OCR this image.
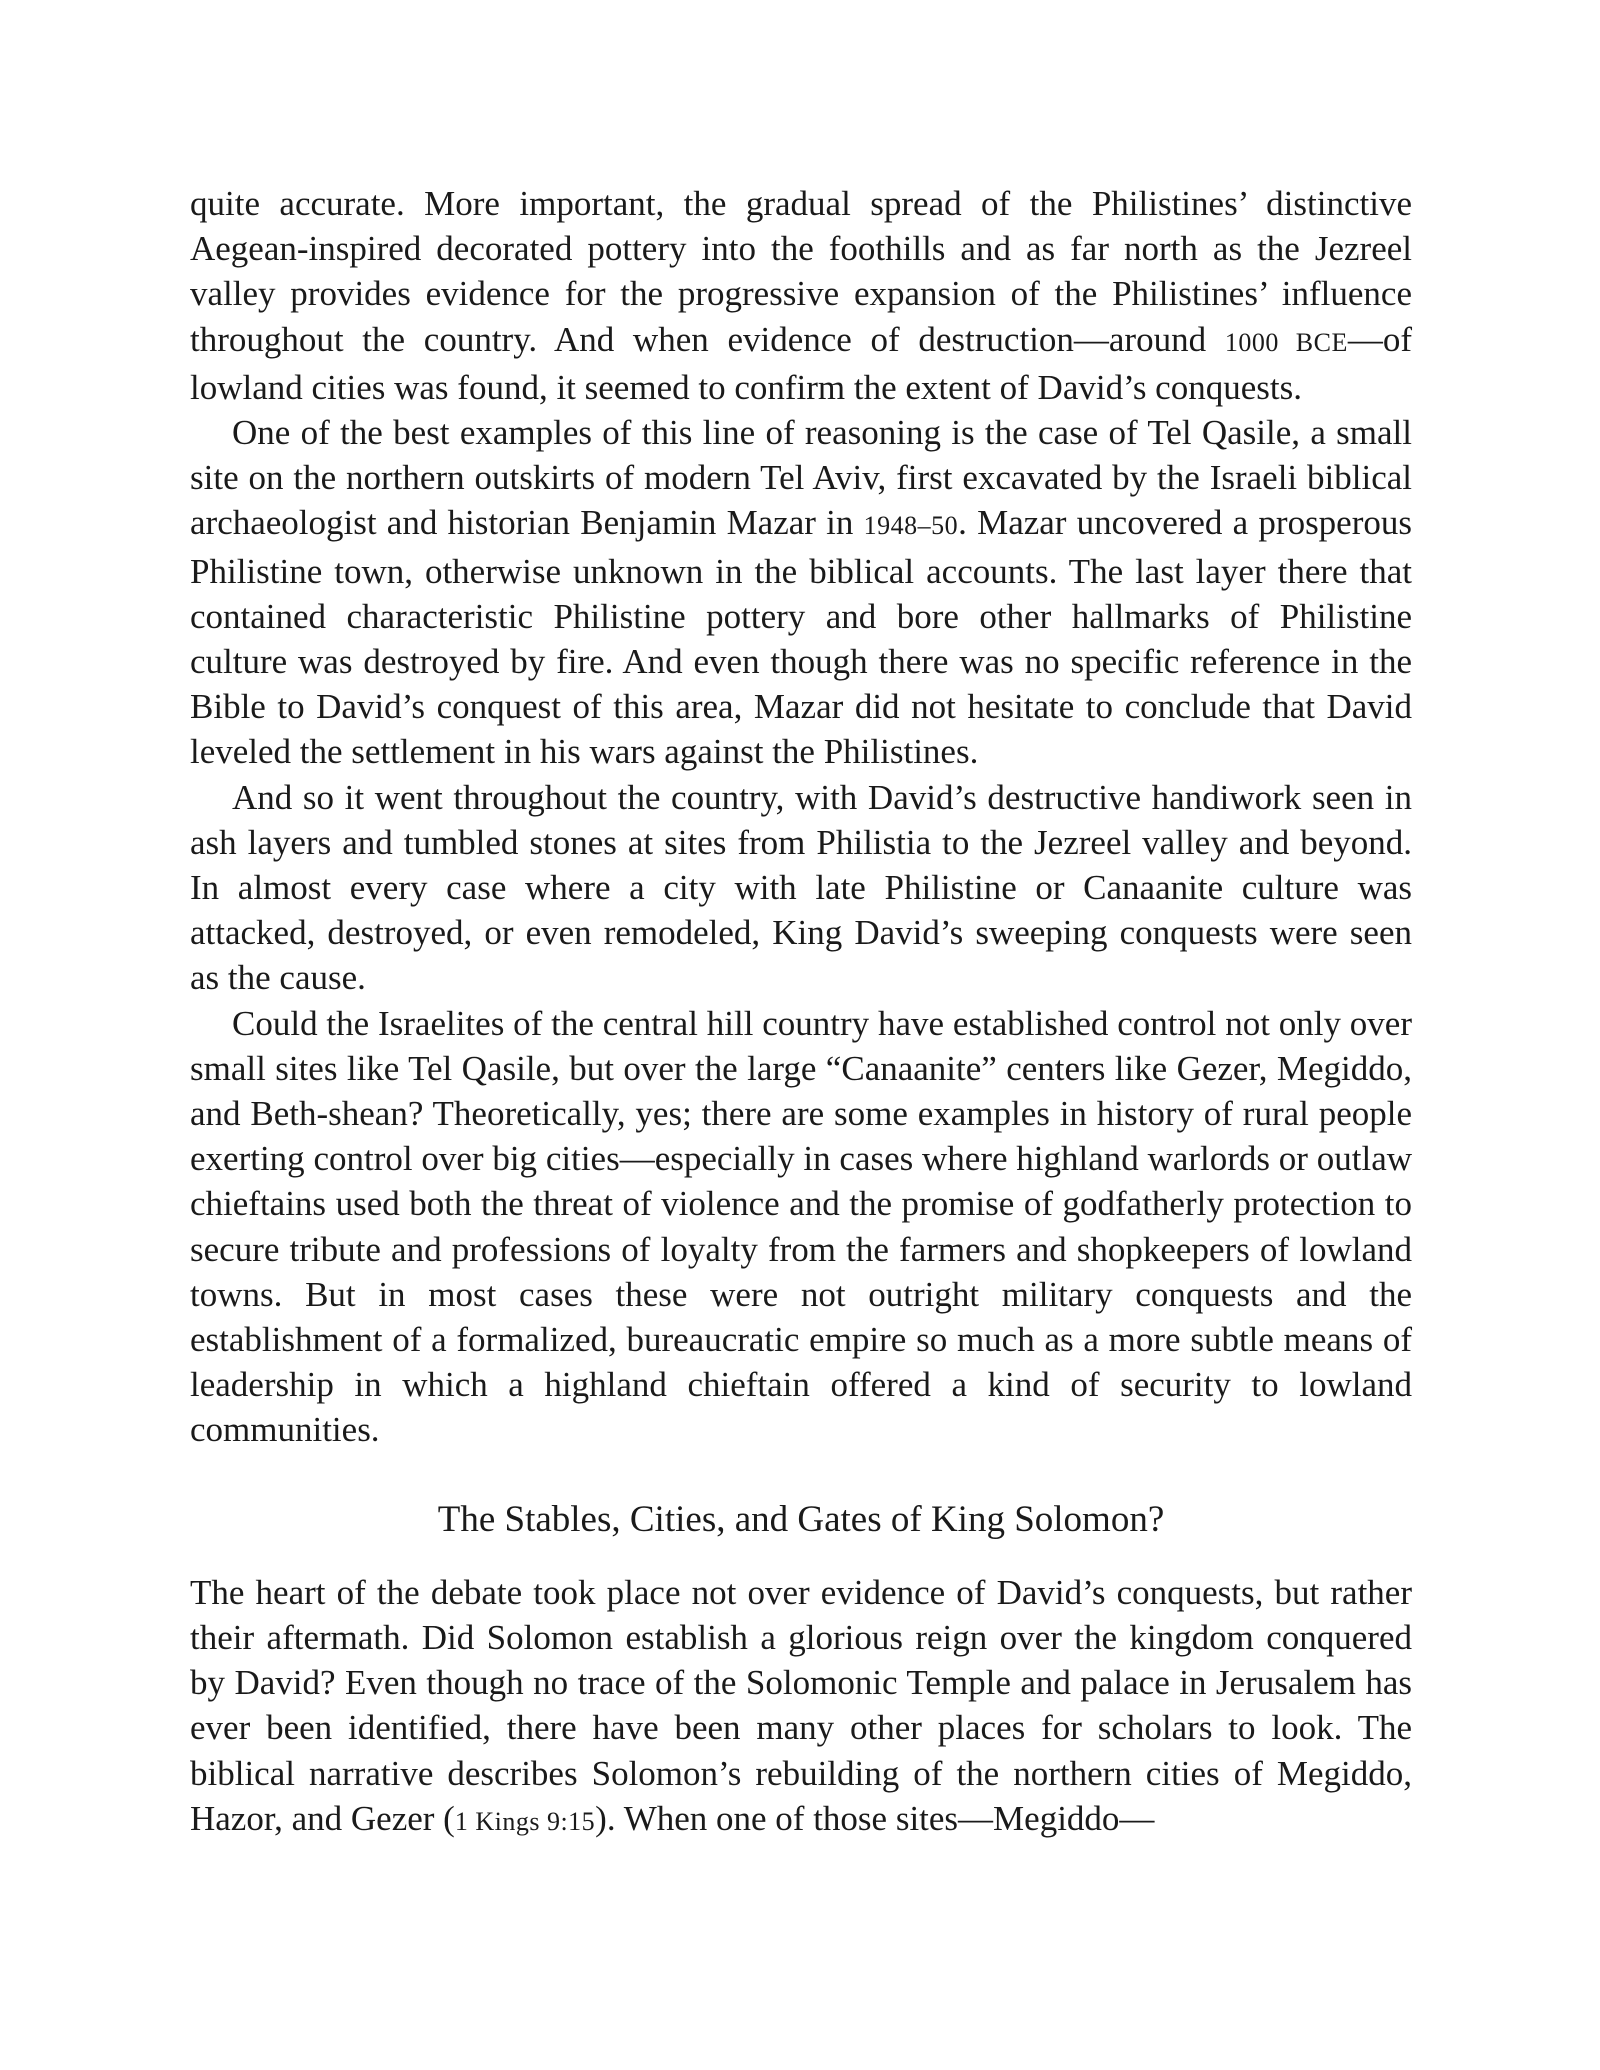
quite accurate. More important, the gradual spread of the Philistines’ distinctive Aegean-inspired decorated pottery into the foothills and as far north as the Jezreel valley provides evidence for the progressive expansion of the Philistines’ influence throughout the country. And when evidence of destruction—around 1000 BCE—of lowland cities was found, it seemed to confirm the extent of David’s conquests.

One of the best examples of this line of reasoning is the case of Tel Qasile, a small site on the northern outskirts of modern Tel Aviv, first excavated by the Israeli biblical archaeologist and historian Benjamin Mazar in 1948–50. Mazar uncovered a prosperous Philistine town, otherwise unknown in the biblical accounts. The last layer there that contained characteristic Philistine pottery and bore other hallmarks of Philistine culture was destroyed by fire. And even though there was no specific reference in the Bible to David’s conquest of this area, Mazar did not hesitate to conclude that David leveled the settlement in his wars against the Philistines.

And so it went throughout the country, with David’s destructive handiwork seen in ash layers and tumbled stones at sites from Philistia to the Jezreel valley and beyond. In almost every case where a city with late Philistine or Canaanite culture was attacked, destroyed, or even remodeled, King David’s sweeping conquests were seen as the cause.

Could the Israelites of the central hill country have established control not only over small sites like Tel Qasile, but over the large “Canaanite” centers like Gezer, Megiddo, and Beth-shean? Theoretically, yes; there are some examples in history of rural people exerting control over big cities—especially in cases where highland warlords or outlaw chieftains used both the threat of violence and the promise of godfatherly protection to secure tribute and professions of loyalty from the farmers and shopkeepers of lowland towns. But in most cases these were not outright military conquests and the establishment of a formalized, bureaucratic empire so much as a more subtle means of leadership in which a highland chieftain offered a kind of security to lowland communities.

The Stables, Cities, and Gates of King Solomon?

The heart of the debate took place not over evidence of David’s conquests, but rather their aftermath. Did Solomon establish a glorious reign over the kingdom conquered by David? Even though no trace of the Solomonic Temple and palace in Jerusalem has ever been identified, there have been many other places for scholars to look. The biblical narrative describes Solomon’s rebuilding of the northern cities of Megiddo, Hazor, and Gezer (1 Kings 9:15). When one of those sites—Megiddo—
